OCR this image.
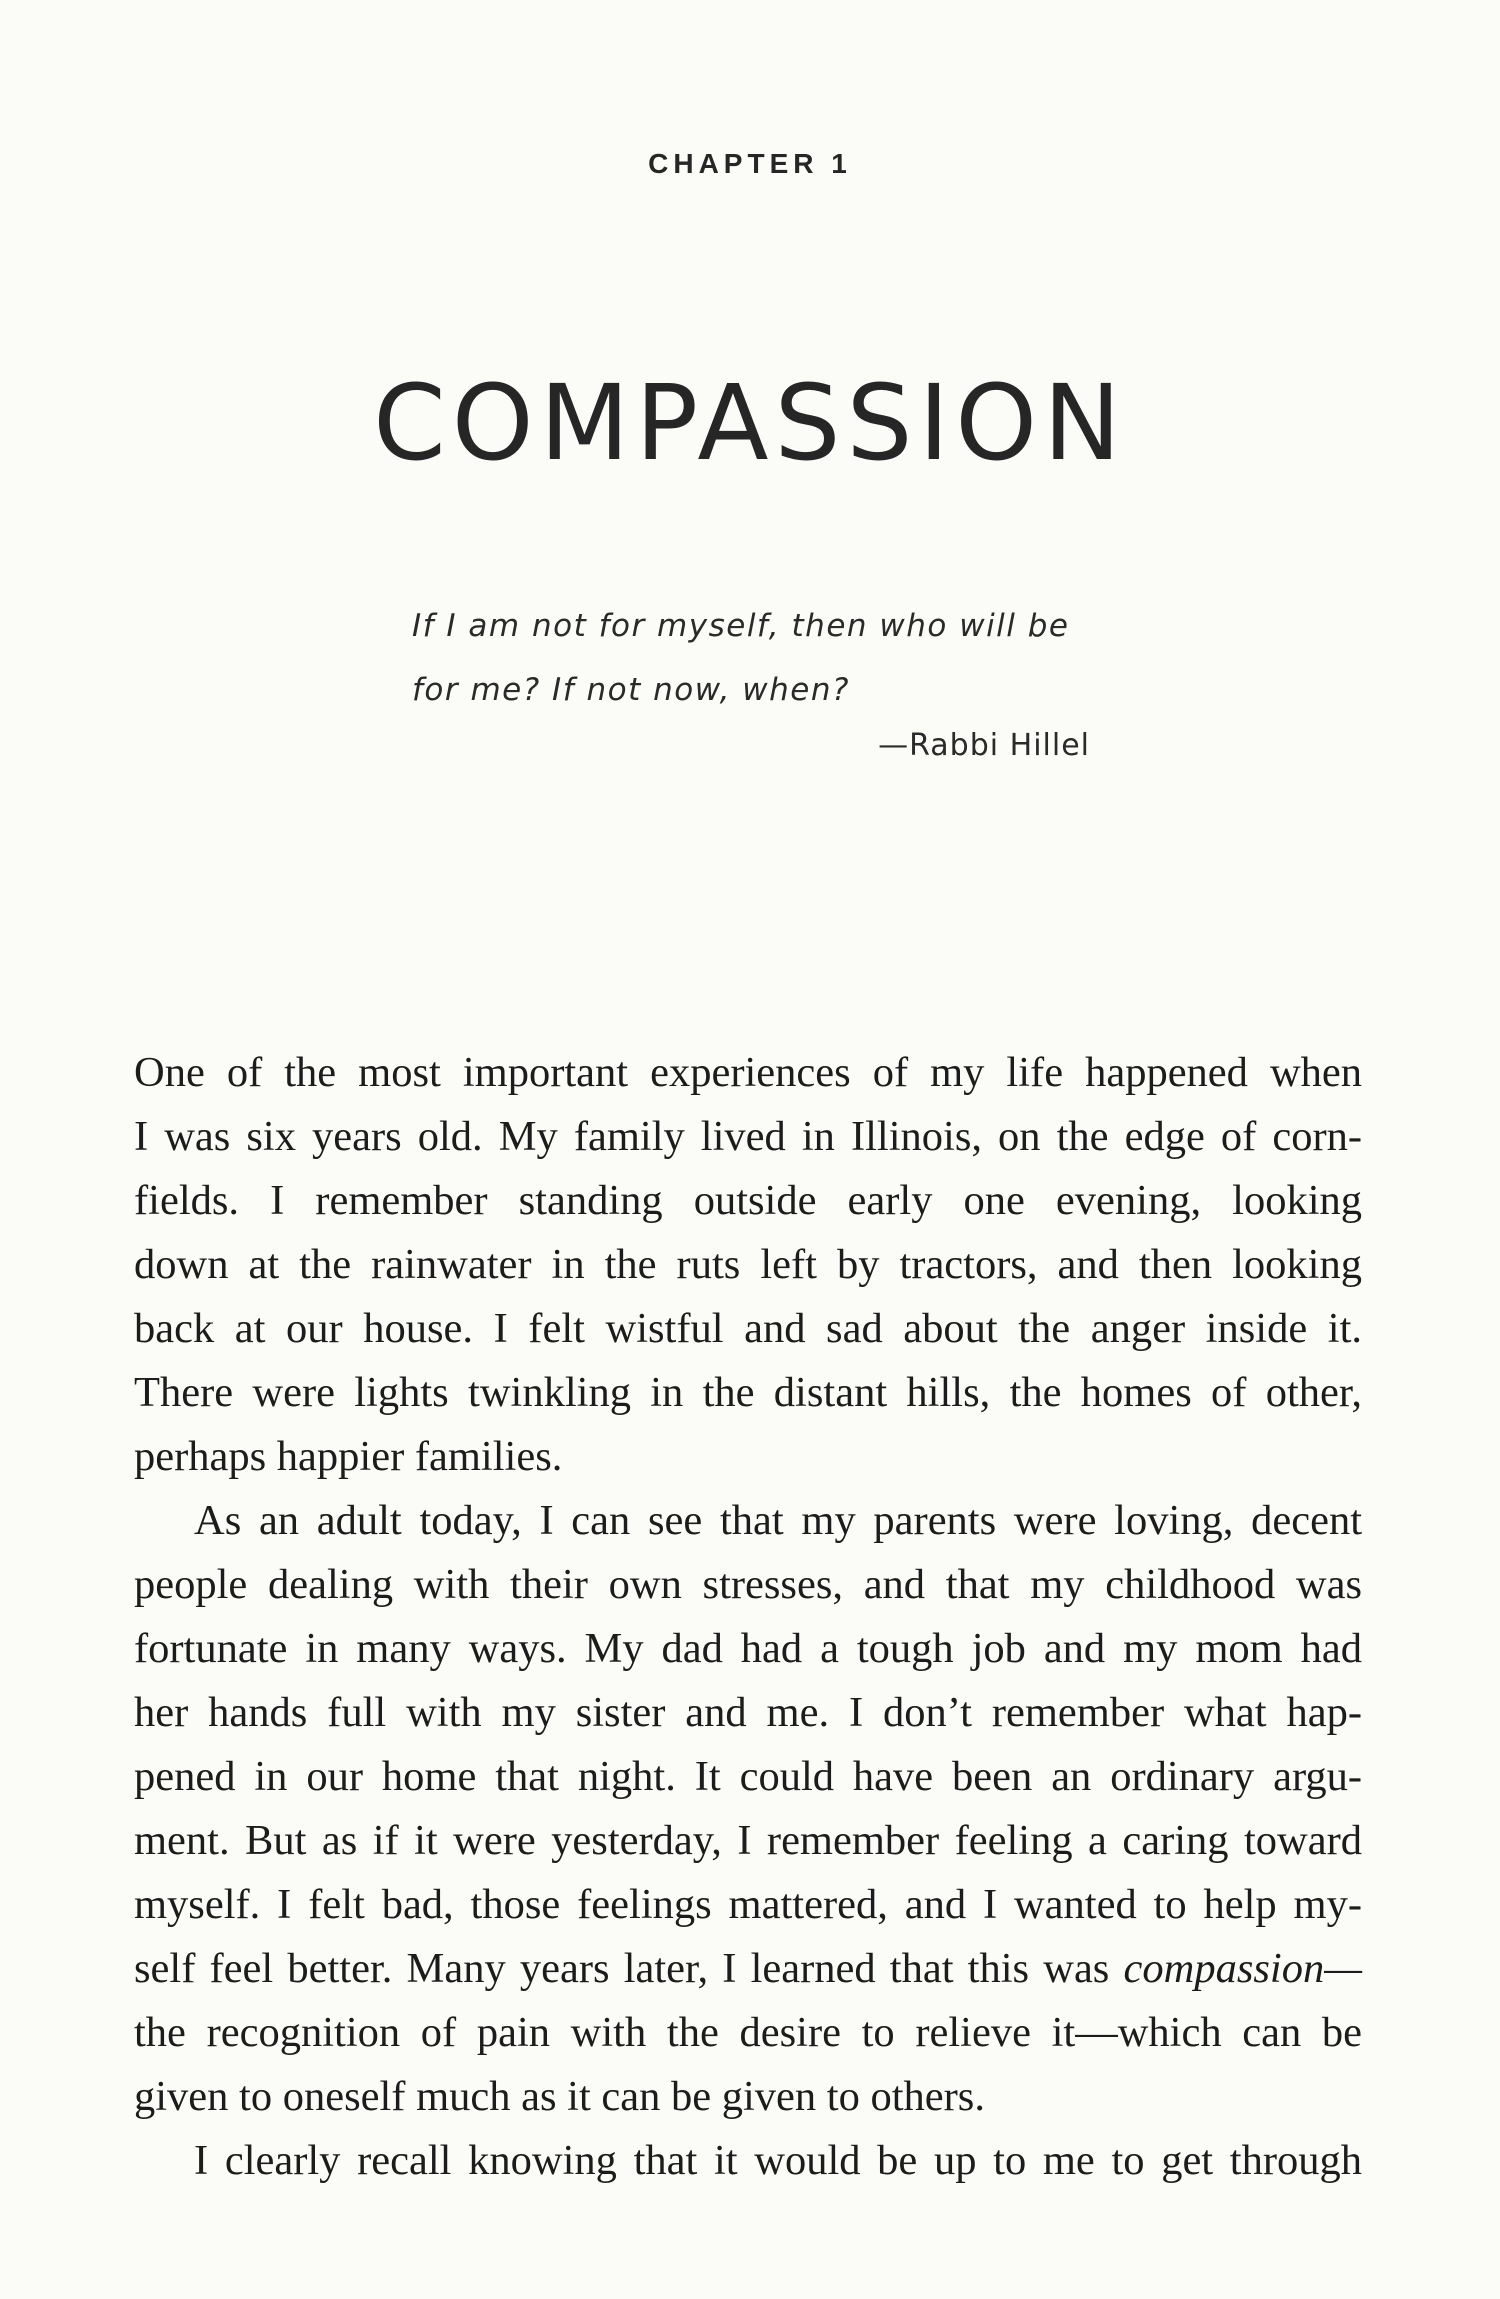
CHAPTER 1
COMPASSION
If I am not for myself, then who will be
for me? If not now, when?
—Rabbi Hillel
One of the most important experiences of my life happened when
I was six years old. My family lived in Illinois, on the edge of corn-
fields. I remember standing outside early one evening, looking
down at the rainwater in the ruts left by tractors, and then looking
back at our house. I felt wistful and sad about the anger inside it.
There were lights twinkling in the distant hills, the homes of other,
perhaps happier families.
As an adult today, I can see that my parents were loving, decent
people dealing with their own stresses, and that my childhood was
fortunate in many ways. My dad had a tough job and my mom had
her hands full with my sister and me. I don’t remember what hap-
pened in our home that night. It could have been an ordinary argu-
ment. But as if it were yesterday, I remember feeling a caring toward
myself. I felt bad, those feelings mattered, and I wanted to help my-
self feel better. Many years later, I learned that this was compassion—
the recognition of pain with the desire to relieve it—which can be
given to oneself much as it can be given to others.
I clearly recall knowing that it would be up to me to get through
